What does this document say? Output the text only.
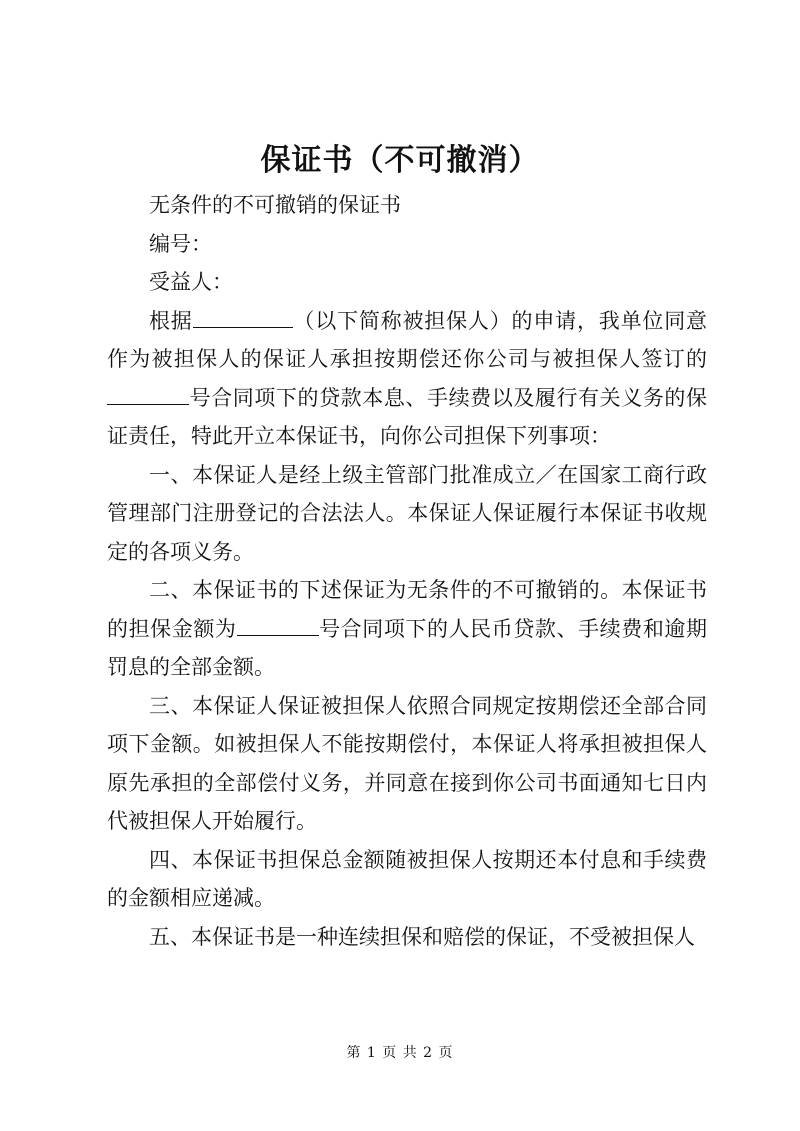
保证书（不可撤消）

无条件的不可撤销的保证书

编号：

受益人：

根据	（以下简称被担保人）的申请，我单位同意作为被担保人的保证人承担按期偿还你公司与被担保人签订的号合同项下的贷款本息、手续费以及履行有关义务的保证责任，特此开立本保证书，向你公司担保下列事项：

一、本保证人是经上级主管部门批准成立／在国家工商行政管理部门注册登记的合法法人。本保证人保证履行本保证书收规定的各项义务。

二、本保证书的下述保证为无条件的不可撤销的。本保证书的担保金额为	号合同项下的人民币贷款、手续费和逾期罚息的全部金额。

三、本保证人保证被担保人依照合同规定按期偿还全部合同项下金额。如被担保人不能按期偿付，本保证人将承担被担保人原先承担的全部偿付义务，并同意在接到你公司书面通知七日内代被担保人开始履行。

四、本保证书担保总金额随被担保人按期还本付息和手续费的金额相应递减。

五、本保证书是一种连续担保和赔偿的保证，不受被担保人

第 1 页 共 2 页
